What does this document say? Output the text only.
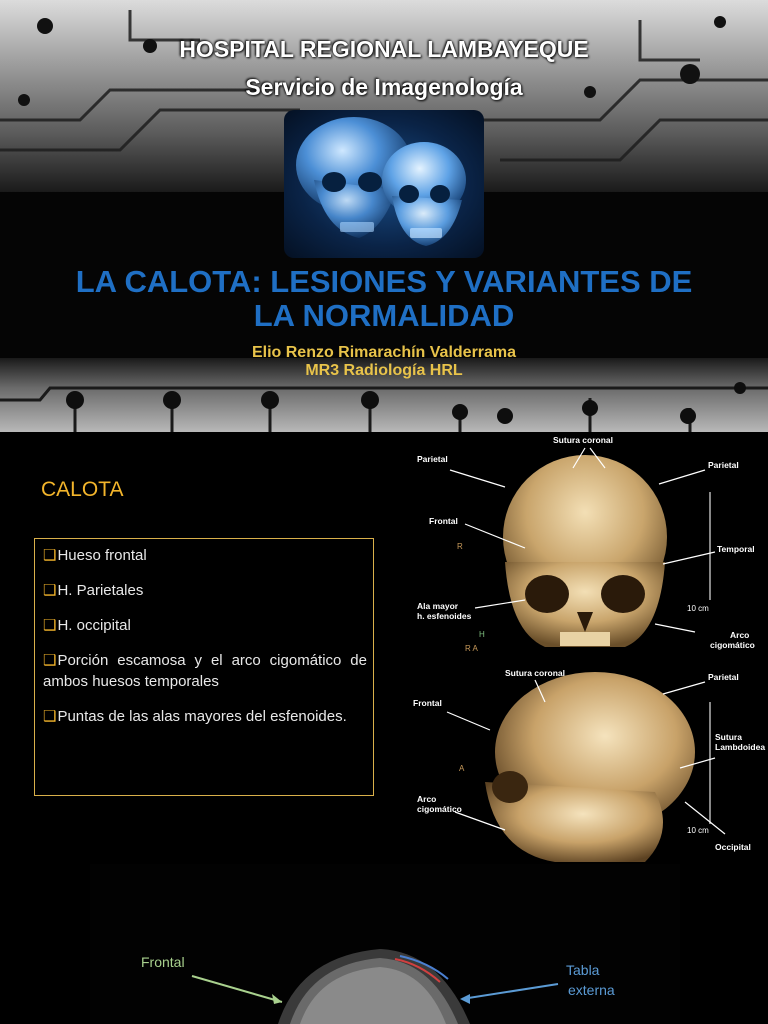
HOSPITAL REGIONAL LAMBAYEQUE
Servicio de Imagenología
LA CALOTA: LESIONES Y VARIANTES DE
LA NORMALIDAD
Elio Renzo Rimarachín Valderrama
MR3 Radiología HRL
CALOTA
❑Hueso frontal
❑H. Parietales
❑H. occipital
❑Porción escamosa y el arco cigomático de ambos huesos temporales
❑Puntas de las alas mayores del esfenoides.
Sutura coronal
Parietal
Parietal
Frontal
Temporal
Ala mayor
h. esfenoides
Arco
cigomático
10 cm
R
H
R A
Sutura coronal	Parietal
Frontal
Sutura
Lambdoidea
Arco
cigomático
10 cm
Occipital
A
Frontal	Tabla
externa
